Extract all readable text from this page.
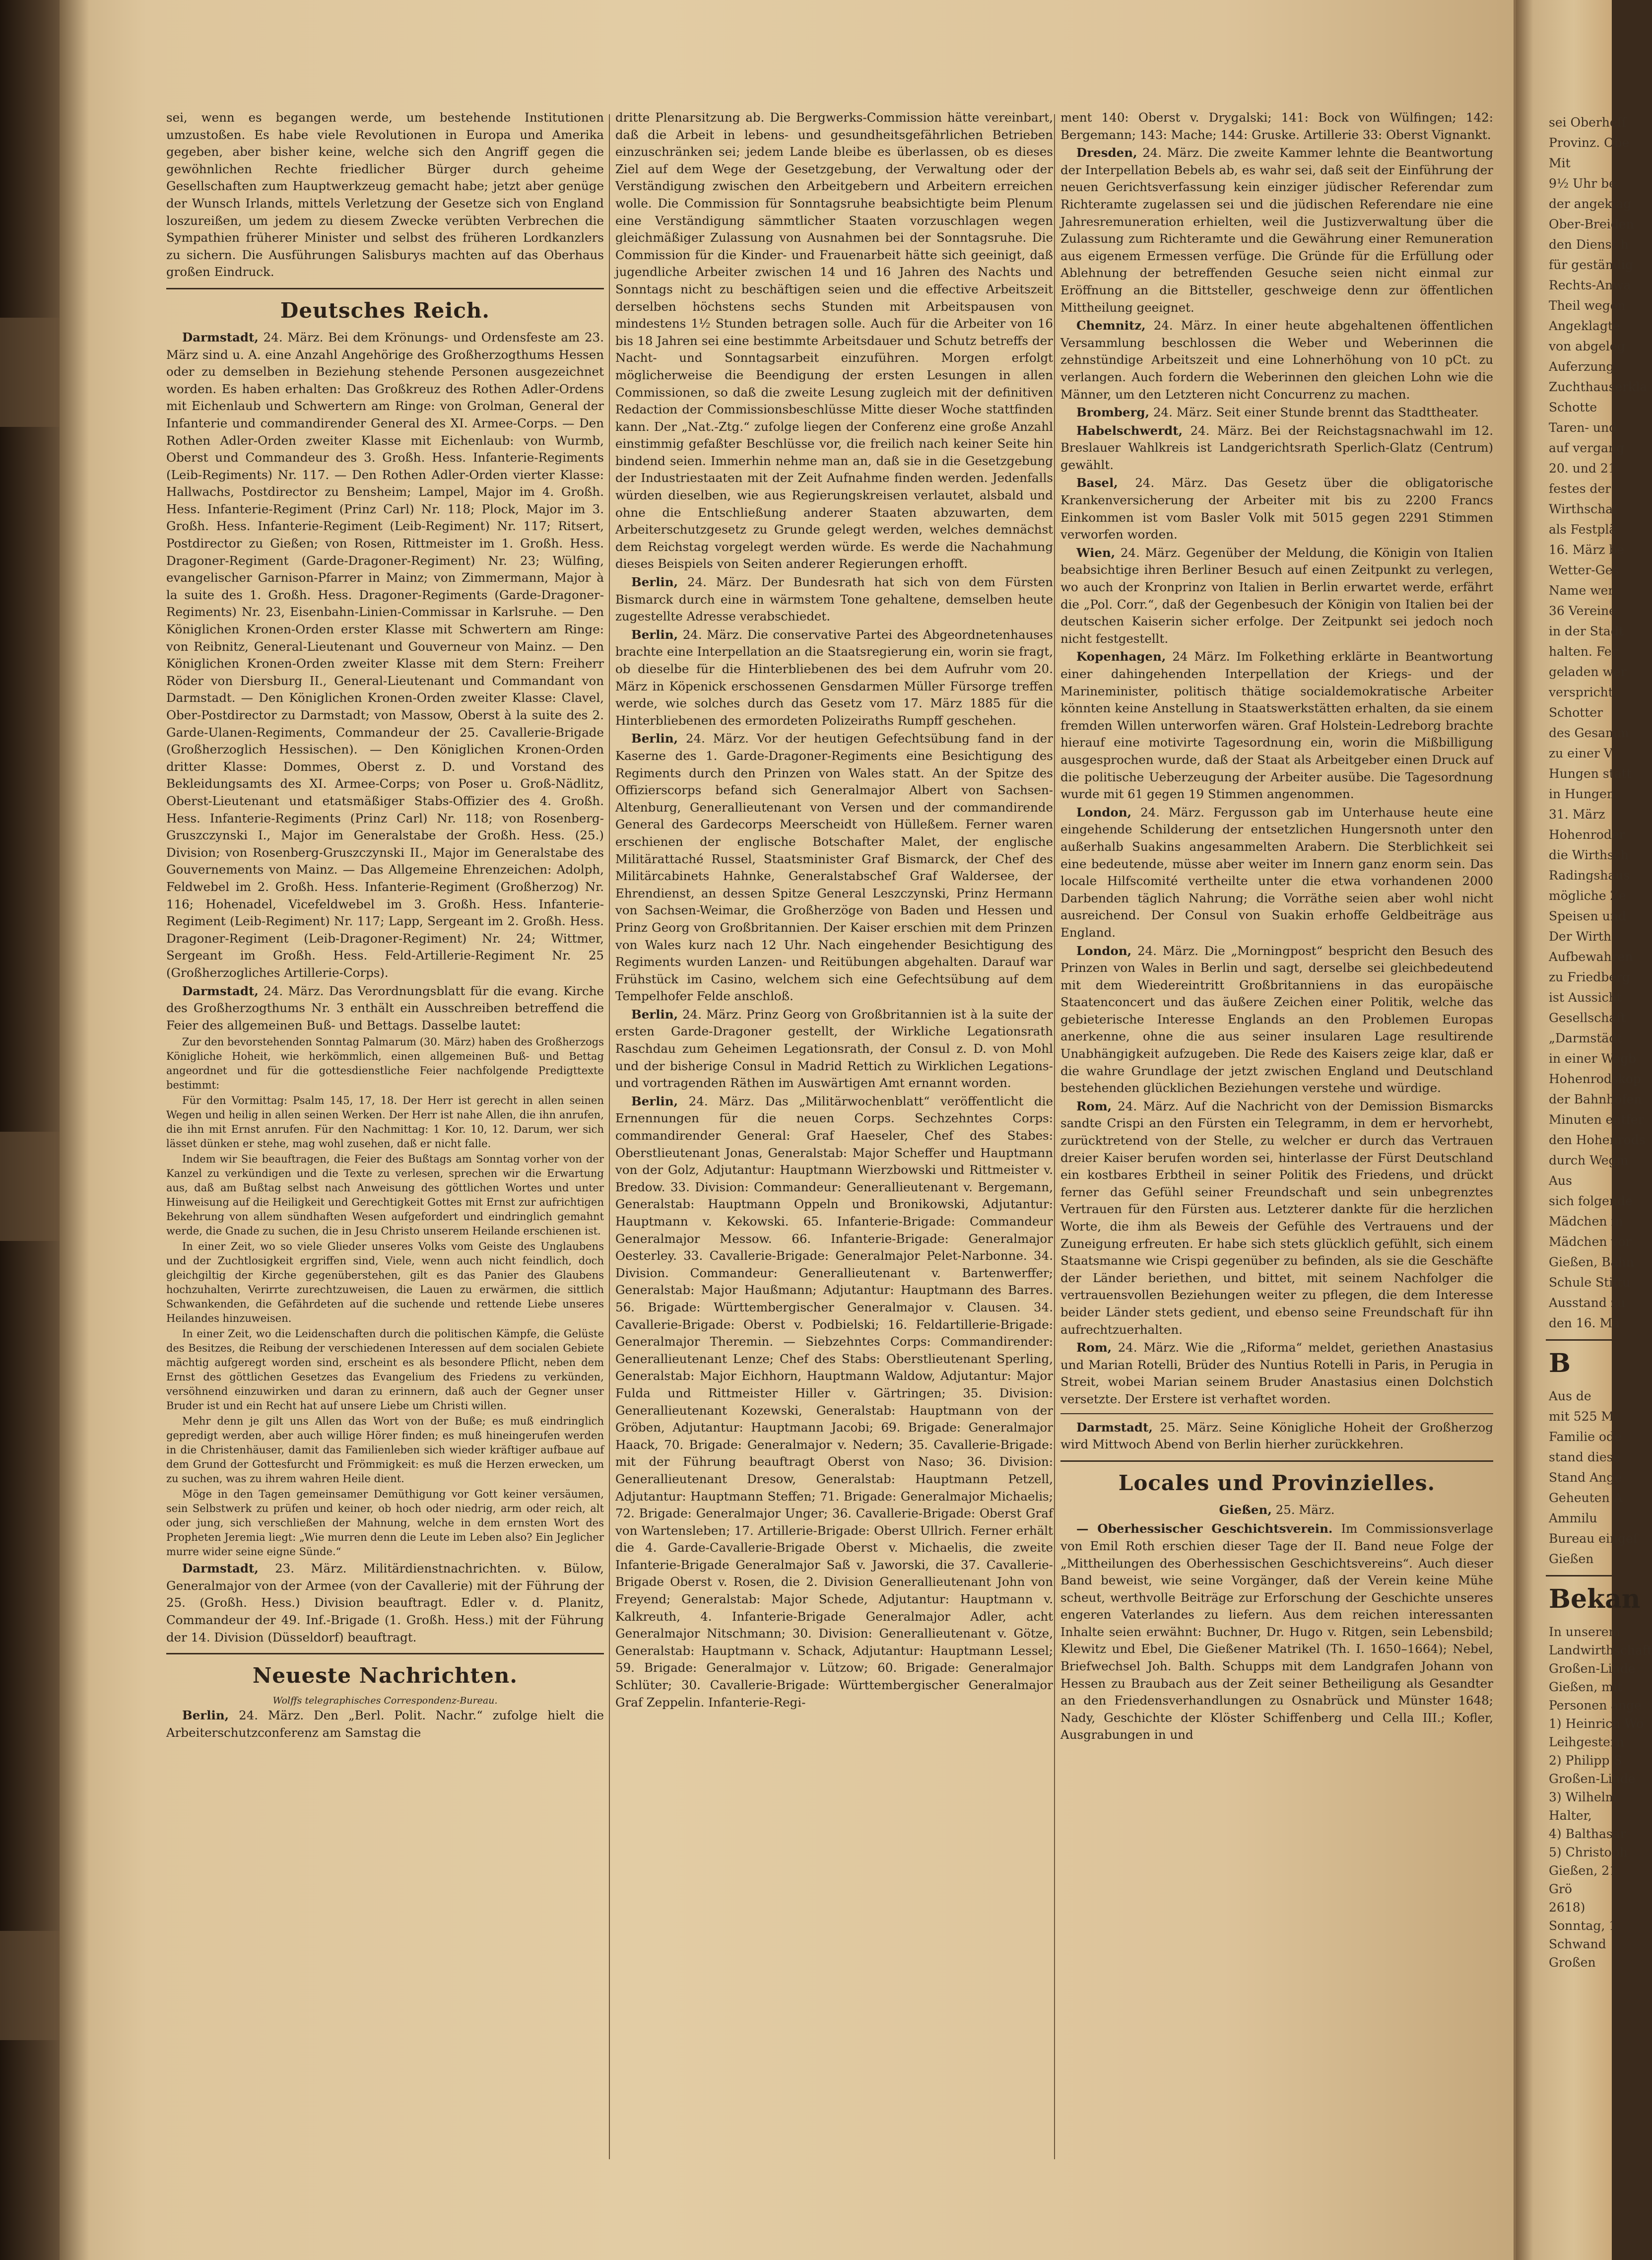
sei, wenn es begangen werde, um bestehende Institutionen umzustoßen. Es habe viele Revolutionen in Europa und Amerika gegeben, aber bisher keine, welche sich den Angriff gegen die gewöhnlichen Rechte friedlicher Bürger durch geheime Gesellschaften zum Hauptwerkzeug gemacht habe; jetzt aber genüge der Wunsch Irlands, mittels Verletzung der Gesetze sich von England loszureißen, um jedem zu diesem Zwecke verübten Verbrechen die Sympathien früherer Minister und selbst des früheren Lordkanzlers zu sichern. Die Ausführungen Salisburys machten auf das Oberhaus großen Eindruck.

Deutsches Reich.

Darmstadt, 24. März. Bei dem Krönungs- und Ordensfeste am 23. März sind u. A. eine Anzahl Angehörige des Großherzogthums Hessen oder zu demselben in Beziehung stehende Personen ausgezeichnet worden. Es haben erhalten: Das Großkreuz des Rothen Adler-Ordens mit Eichenlaub und Schwertern am Ringe: von Grolman, General der Infanterie und commandirender General des XI. Armee-Corps. — Den Rothen Adler-Orden zweiter Klasse mit Eichenlaub: von Wurmb, Oberst und Commandeur des 3. Großh. Hess. Infanterie-Regiments (Leib-Regiments) Nr. 117. — Den Rothen Adler-Orden vierter Klasse: Hallwachs, Postdirector zu Bensheim; Lampel, Major im 4. Großh. Hess. Infanterie-Regiment (Prinz Carl) Nr. 118; Plock, Major im 3. Großh. Hess. Infanterie-Regiment (Leib-Regiment) Nr. 117; Ritsert, Postdirector zu Gießen; von Rosen, Rittmeister im 1. Großh. Hess. Dragoner-Regiment (Garde-Dragoner-Regiment) Nr. 23; Wülfing, evangelischer Garnison-Pfarrer in Mainz; von Zimmermann, Major à la suite des 1. Großh. Hess. Dragoner-Regiments (Garde-Dragoner-Regiments) Nr. 23, Eisenbahn-Linien-Commissar in Karlsruhe. — Den Königlichen Kronen-Orden erster Klasse mit Schwertern am Ringe: von Reibnitz, General-Lieutenant und Gouverneur von Mainz. — Den Königlichen Kronen-Orden zweiter Klasse mit dem Stern: Freiherr Röder von Diersburg II., General-Lieutenant und Commandant von Darmstadt. — Den Königlichen Kronen-Orden zweiter Klasse: Clavel, Ober-Postdirector zu Darmstadt; von Massow, Oberst à la suite des 2. Garde-Ulanen-Regiments, Commandeur der 25. Cavallerie-Brigade (Großherzoglich Hessischen). — Den Königlichen Kronen-Orden dritter Klasse: Dommes, Oberst z. D. und Vorstand des Bekleidungsamts des XI. Armee-Corps; von Poser u. Groß-Nädlitz, Oberst-Lieutenant und etatsmäßiger Stabs-Offizier des 4. Großh. Hess. Infanterie-Regiments (Prinz Carl) Nr. 118; von Rosenberg-Gruszczynski I., Major im Generalstabe der Großh. Hess. (25.) Division; von Rosenberg-Gruszczynski II., Major im Generalstabe des Gouvernements von Mainz. — Das Allgemeine Ehrenzeichen: Adolph, Feldwebel im 2. Großh. Hess. Infanterie-Regiment (Großherzog) Nr. 116; Hohenadel, Vicefeldwebel im 3. Großh. Hess. Infanterie-Regiment (Leib-Regiment) Nr. 117; Lapp, Sergeant im 2. Großh. Hess. Dragoner-Regiment (Leib-Dragoner-Regiment) Nr. 24; Wittmer, Sergeant im Großh. Hess. Feld-Artillerie-Regiment Nr. 25 (Großherzogliches Artillerie-Corps).

Darmstadt, 24. März. Das Verordnungsblatt für die evang. Kirche des Großherzogthums Nr. 3 enthält ein Ausschreiben betreffend die Feier des allgemeinen Buß- und Bettags. Dasselbe lautet:

Zur den bevorstehenden Sonntag Palmarum (30. März) haben des Großherzogs Königliche Hoheit, wie herkömmlich, einen allgemeinen Buß- und Bettag angeordnet und für die gottesdienstliche Feier nachfolgende Predigttexte bestimmt:

Für den Vormittag: Psalm 145, 17, 18. Der Herr ist gerecht in allen seinen Wegen und heilig in allen seinen Werken. Der Herr ist nahe Allen, die ihn anrufen, die ihn mit Ernst anrufen. Für den Nachmittag: 1 Kor. 10, 12. Darum, wer sich lässet dünken er stehe, mag wohl zusehen, daß er nicht falle.

Indem wir Sie beauftragen, die Feier des Bußtags am Sonntag vorher von der Kanzel zu verkündigen und die Texte zu verlesen, sprechen wir die Erwartung aus, daß am Bußtag selbst nach Anweisung des göttlichen Wortes und unter Hinweisung auf die Heiligkeit und Gerechtigkeit Gottes mit Ernst zur aufrichtigen Bekehrung von allem sündhaften Wesen aufgefordert und eindringlich gemahnt werde, die Gnade zu suchen, die in Jesu Christo unserem Heilande erschienen ist.

In einer Zeit, wo so viele Glieder unseres Volks vom Geiste des Unglaubens und der Zuchtlosigkeit ergriffen sind, Viele, wenn auch nicht feindlich, doch gleichgiltig der Kirche gegenüberstehen, gilt es das Panier des Glaubens hochzuhalten, Verirrte zurechtzuweisen, die Lauen zu erwärmen, die sittlich Schwankenden, die Gefährdeten auf die suchende und rettende Liebe unseres Heilandes hinzuweisen.

In einer Zeit, wo die Leidenschaften durch die politischen Kämpfe, die Gelüste des Besitzes, die Reibung der verschiedenen Interessen auf dem socialen Gebiete mächtig aufgeregt worden sind, erscheint es als besondere Pflicht, neben dem Ernst des göttlichen Gesetzes das Evangelium des Friedens zu verkünden, versöhnend einzuwirken und daran zu erinnern, daß auch der Gegner unser Bruder ist und ein Recht hat auf unsere Liebe um Christi willen.

Mehr denn je gilt uns Allen das Wort von der Buße; es muß eindringlich gepredigt werden, aber auch willige Hörer finden; es muß hineingerufen werden in die Christenhäuser, damit das Familienleben sich wieder kräftiger aufbaue auf dem Grund der Gottesfurcht und Frömmigkeit: es muß die Herzen erwecken, um zu suchen, was zu ihrem wahren Heile dient.

Möge in den Tagen gemeinsamer Demüthigung vor Gott keiner versäumen, sein Selbstwerk zu prüfen und keiner, ob hoch oder niedrig, arm oder reich, alt oder jung, sich verschließen der Mahnung, welche in dem ernsten Wort des Propheten Jeremia liegt: „Wie murren denn die Leute im Leben also? Ein Jeglicher murre wider seine eigne Sünde.“

Darmstadt, 23. März. Militärdienstnachrichten. v. Bülow, Generalmajor von der Armee (von der Cavallerie) mit der Führung der 25. (Großh. Hess.) Division beauftragt. Edler v. d. Planitz, Commandeur der 49. Inf.-Brigade (1. Großh. Hess.) mit der Führung der 14. Division (Düsseldorf) beauftragt.

Neueste Nachrichten.
Wolffs telegraphisches Correspondenz-Bureau.

Berlin, 24. März. Den „Berl. Polit. Nachr.“ zufolge hielt die Arbeiterschutzconferenz am Samstag die

dritte Plenarsitzung ab. Die Bergwerks-Commission hätte vereinbart, daß die Arbeit in lebens- und gesundheitsgefährlichen Betrieben einzuschränken sei; jedem Lande bleibe es überlassen, ob es dieses Ziel auf dem Wege der Gesetzgebung, der Verwaltung oder der Verständigung zwischen den Arbeitgebern und Arbeitern erreichen wolle. Die Commission für Sonntagsruhe beabsichtigte beim Plenum eine Verständigung sämmtlicher Staaten vorzuschlagen wegen gleichmäßiger Zulassung von Ausnahmen bei der Sonntagsruhe. Die Commission für die Kinder- und Frauenarbeit hätte sich geeinigt, daß jugendliche Arbeiter zwischen 14 und 16 Jahren des Nachts und Sonntags nicht zu beschäftigen seien und die effective Arbeitszeit derselben höchstens sechs Stunden mit Arbeitspausen von mindestens 1½ Stunden betragen solle. Auch für die Arbeiter von 16 bis 18 Jahren sei eine bestimmte Arbeitsdauer und Schutz betreffs der Nacht- und Sonntagsarbeit einzuführen. Morgen erfolgt möglicherweise die Beendigung der ersten Lesungen in allen Commissionen, so daß die zweite Lesung zugleich mit der definitiven Redaction der Commissionsbeschlüsse Mitte dieser Woche stattfinden kann. Der „Nat.-Ztg.“ zufolge liegen der Conferenz eine große Anzahl einstimmig gefaßter Beschlüsse vor, die freilich nach keiner Seite hin bindend seien. Immerhin nehme man an, daß sie in die Gesetzgebung der Industriestaaten mit der Zeit Aufnahme finden werden. Jedenfalls würden dieselben, wie aus Regierungskreisen verlautet, alsbald und ohne die Entschließung anderer Staaten abzuwarten, dem Arbeiterschutzgesetz zu Grunde gelegt werden, welches demnächst dem Reichstag vorgelegt werden würde. Es werde die Nachahmung dieses Beispiels von Seiten anderer Regierungen erhofft.

Berlin, 24. März. Der Bundesrath hat sich von dem Fürsten Bismarck durch eine in wärmstem Tone gehaltene, demselben heute zugestellte Adresse verabschiedet.

Berlin, 24. März. Die conservative Partei des Abgeordnetenhauses brachte eine Interpellation an die Staatsregierung ein, worin sie fragt, ob dieselbe für die Hinterbliebenen des bei dem Aufruhr vom 20. März in Köpenick erschossenen Gensdarmen Müller Fürsorge treffen werde, wie solches durch das Gesetz vom 17. März 1885 für die Hinterbliebenen des ermordeten Polizeiraths Rumpff geschehen.

Berlin, 24. März. Vor der heutigen Gefechtsübung fand in der Kaserne des 1. Garde-Dragoner-Regiments eine Besichtigung des Regiments durch den Prinzen von Wales statt. An der Spitze des Offizierscorps befand sich Generalmajor Albert von Sachsen-Altenburg, Generallieutenant von Versen und der commandirende General des Gardecorps Meerscheidt von Hülleßem. Ferner waren erschienen der englische Botschafter Malet, der englische Militärattaché Russel, Staatsminister Graf Bismarck, der Chef des Militärcabinets Hahnke, Generalstabschef Graf Waldersee, der Ehrendienst, an dessen Spitze General Leszczynski, Prinz Hermann von Sachsen-Weimar, die Großherzöge von Baden und Hessen und Prinz Georg von Großbritannien. Der Kaiser erschien mit dem Prinzen von Wales kurz nach 12 Uhr. Nach eingehender Besichtigung des Regiments wurden Lanzen- und Reitübungen abgehalten. Darauf war Frühstück im Casino, welchem sich eine Gefechtsübung auf dem Tempelhofer Felde anschloß.

Berlin, 24. März. Prinz Georg von Großbritannien ist à la suite der ersten Garde-Dragoner gestellt, der Wirkliche Legationsrath Raschdau zum Geheimen Legationsrath, der Consul z. D. von Mohl und der bisherige Consul in Madrid Rettich zu Wirklichen Legations- und vortragenden Räthen im Auswärtigen Amt ernannt worden.

Berlin, 24. März. Das „Militärwochenblatt“ veröffentlicht die Ernennungen für die neuen Corps. Sechzehntes Corps: commandirender General: Graf Haeseler, Chef des Stabes: Oberstlieutenant Jonas, Generalstab: Major Scheffer und Hauptmann von der Golz, Adjutantur: Hauptmann Wierzbowski und Rittmeister v. Bredow. 33. Division: Commandeur: Generallieutenant v. Bergemann, Generalstab: Hauptmann Oppeln und Bronikowski, Adjutantur: Hauptmann v. Kekowski. 65. Infanterie-Brigade: Commandeur Generalmajor Messow. 66. Infanterie-Brigade: Generalmajor Oesterley. 33. Cavallerie-Brigade: Generalmajor Pelet-Narbonne. 34. Division. Commandeur: Generallieutenant v. Bartenwerffer; Generalstab: Major Haußmann; Adjutantur: Hauptmann des Barres. 56. Brigade: Württembergischer Generalmajor v. Clausen. 34. Cavallerie-Brigade: Oberst v. Podbielski; 16. Feldartillerie-Brigade: Generalmajor Theremin. — Siebzehntes Corps: Commandirender: Generallieutenant Lenze; Chef des Stabs: Oberstlieutenant Sperling, Generalstab: Major Eichhorn, Hauptmann Waldow, Adjutantur: Major Fulda und Rittmeister Hiller v. Gärtringen; 35. Division: Generallieutenant Kozewski, Generalstab: Hauptmann von der Gröben, Adjutantur: Hauptmann Jacobi; 69. Brigade: Generalmajor Haack, 70. Brigade: Generalmajor v. Nedern; 35. Cavallerie-Brigade: mit der Führung beauftragt Oberst von Naso; 36. Division: Generallieutenant Dresow, Generalstab: Hauptmann Petzell, Adjutantur: Hauptmann Steffen; 71. Brigade: Generalmajor Michaelis; 72. Brigade: Generalmajor Unger; 36. Cavallerie-Brigade: Oberst Graf von Wartensleben; 17. Artillerie-Brigade: Oberst Ullrich. Ferner erhält die 4. Garde-Cavallerie-Brigade Oberst v. Michaelis, die zweite Infanterie-Brigade Generalmajor Saß v. Jaworski, die 37. Cavallerie-Brigade Oberst v. Rosen, die 2. Division Generallieutenant John von Freyend; Generalstab: Major Schede, Adjutantur: Hauptmann v. Kalkreuth, 4. Infanterie-Brigade Generalmajor Adler, acht Generalmajor Nitschmann; 30. Division: Generallieutenant v. Götze, Generalstab: Hauptmann v. Schack, Adjutantur: Hauptmann Lessel; 59. Brigade: Generalmajor v. Lützow; 60. Brigade: Generalmajor Schlüter; 30. Cavallerie-Brigade: Württembergischer Generalmajor Graf Zeppelin. Infanterie-Regi-

ment 140: Oberst v. Drygalski; 141: Bock von Wülfingen; 142: Bergemann; 143: Mache; 144: Gruske. Artillerie 33: Oberst Vignankt.

Dresden, 24. März. Die zweite Kammer lehnte die Beantwortung der Interpellation Bebels ab, es wahr sei, daß seit der Einführung der neuen Gerichtsverfassung kein einziger jüdischer Referendar zum Richteramte zugelassen sei und die jüdischen Referendare nie eine Jahresremuneration erhielten, weil die Justizverwaltung über die Zulassung zum Richteramte und die Gewährung einer Remuneration aus eigenem Ermessen verfüge. Die Gründe für die Erfüllung oder Ablehnung der betreffenden Gesuche seien nicht einmal zur Eröffnung an die Bittsteller, geschweige denn zur öffentlichen Mittheilung geeignet.

Chemnitz, 24. März. In einer heute abgehaltenen öffentlichen Versammlung beschlossen die Weber und Weberinnen die zehnstündige Arbeitszeit und eine Lohnerhöhung von 10 pCt. zu verlangen. Auch fordern die Weberinnen den gleichen Lohn wie die Männer, um den Letzteren nicht Concurrenz zu machen.

Bromberg, 24. März. Seit einer Stunde brennt das Stadttheater.

Habelschwerdt, 24. März. Bei der Reichstagsnachwahl im 12. Breslauer Wahlkreis ist Landgerichtsrath Sperlich-Glatz (Centrum) gewählt.

Basel, 24. März. Das Gesetz über die obligatorische Krankenversicherung der Arbeiter mit bis zu 2200 Francs Einkommen ist vom Basler Volk mit 5015 gegen 2291 Stimmen verworfen worden.

Wien, 24. März. Gegenüber der Meldung, die Königin von Italien beabsichtige ihren Berliner Besuch auf einen Zeitpunkt zu verlegen, wo auch der Kronprinz von Italien in Berlin erwartet werde, erfährt die „Pol. Corr.“, daß der Gegenbesuch der Königin von Italien bei der deutschen Kaiserin sicher erfolge. Der Zeitpunkt sei jedoch noch nicht festgestellt.

Kopenhagen, 24 März. Im Folkething erklärte in Beantwortung einer dahingehenden Interpellation der Kriegs- und der Marineminister, politisch thätige socialdemokratische Arbeiter könnten keine Anstellung in Staatswerkstätten erhalten, da sie einem fremden Willen unterworfen wären. Graf Holstein-Ledreborg brachte hierauf eine motivirte Tagesordnung ein, worin die Mißbilligung ausgesprochen wurde, daß der Staat als Arbeitgeber einen Druck auf die politische Ueberzeugung der Arbeiter ausübe. Die Tagesordnung wurde mit 61 gegen 19 Stimmen angenommen.

London, 24. März. Fergusson gab im Unterhause heute eine eingehende Schilderung der entsetzlichen Hungersnoth unter den außerhalb Suakins angesammelten Arabern. Die Sterblichkeit sei eine bedeutende, müsse aber weiter im Innern ganz enorm sein. Das locale Hilfscomité vertheilte unter die etwa vorhandenen 2000 Darbenden täglich Nahrung; die Vorräthe seien aber wohl nicht ausreichend. Der Consul von Suakin erhoffe Geldbeiträge aus England.

London, 24. März. Die „Morningpost“ bespricht den Besuch des Prinzen von Wales in Berlin und sagt, derselbe sei gleichbedeutend mit dem Wiedereintritt Großbritanniens in das europäische Staatenconcert und das äußere Zeichen einer Politik, welche das gebieterische Interesse Englands an den Problemen Europas anerkenne, ohne die aus seiner insularen Lage resultirende Unabhängigkeit aufzugeben. Die Rede des Kaisers zeige klar, daß er die wahre Grundlage der jetzt zwischen England und Deutschland bestehenden glücklichen Beziehungen verstehe und würdige.

Rom, 24. März. Auf die Nachricht von der Demission Bismarcks sandte Crispi an den Fürsten ein Telegramm, in dem er hervorhebt, zurücktretend von der Stelle, zu welcher er durch das Vertrauen dreier Kaiser berufen worden sei, hinterlasse der Fürst Deutschland ein kostbares Erbtheil in seiner Politik des Friedens, und drückt ferner das Gefühl seiner Freundschaft und sein unbegrenztes Vertrauen für den Fürsten aus. Letzterer dankte für die herzlichen Worte, die ihm als Beweis der Gefühle des Vertrauens und der Zuneigung erfreuten. Er habe sich stets glücklich gefühlt, sich einem Staatsmanne wie Crispi gegenüber zu befinden, als sie die Geschäfte der Länder beriethen, und bittet, mit seinem Nachfolger die vertrauensvollen Beziehungen weiter zu pflegen, die dem Interesse beider Länder stets gedient, und ebenso seine Freundschaft für ihn aufrechtzuerhalten.

Rom, 24. März. Wie die „Riforma“ meldet, geriethen Anastasius und Marian Rotelli, Brüder des Nuntius Rotelli in Paris, in Perugia in Streit, wobei Marian seinem Bruder Anastasius einen Dolchstich versetzte. Der Erstere ist verhaftet worden.

Darmstadt, 25. März. Seine Königliche Hoheit der Großherzog wird Mittwoch Abend von Berlin hierher zurückkehren.

Locales und Provinzielles.
Gießen, 25. März.

— Oberhessischer Geschichtsverein. Im Commissionsverlage von Emil Roth erschien dieser Tage der II. Band neue Folge der „Mittheilungen des Oberhessischen Geschichtsvereins“. Auch dieser Band beweist, wie seine Vorgänger, daß der Verein keine Mühe scheut, werthvolle Beiträge zur Erforschung der Geschichte unseres engeren Vaterlandes zu liefern. Aus dem reichen interessanten Inhalte seien erwähnt: Buchner, Dr. Hugo v. Ritgen, sein Lebensbild; Klewitz und Ebel, Die Gießener Matrikel (Th. I. 1650–1664); Nebel, Briefwechsel Joh. Balth. Schupps mit dem Landgrafen Johann von Hessen zu Braubach aus der Zeit seiner Betheiligung als Gesandter an den Friedensverhandlungen zu Osnabrück und Münster 1648; Nady, Geschichte der Klöster Schiffenberg und Cella III.; Kofler, Ausgrabungen in und

sei Oberheſſ
Provinz. Obe
Mit
9½ Uhr be
der angeklag
Ober-Breiden
den Dienst h
für geständig
Rechts-Anwa
Theil wegen
Angeklagte
von abgeleg
Auferzung
Zuchthauserkla
Schotte
Taren- und
auf vergang
20. und 21
festes der
Wirthschaf
als Festplä
16. März be
Wetter-Ges
Name wer
36 Vereine
in der Stadt
halten. Fer
geladen wer
verspricht
Schotter
des Gesamm
zu einer V
Hungen statt
in Hungen
31. März
Hohenroder
die Wirthsch
Radingshaus
mögliche Ze
Speisen und
Der Wirth
Aufbewahren
zu Friedberg
ist Aussicht
Gesellschaft
„Darmstädt
in einer Wegb
Hohenrodskop
der Bahnhöfen
Minuten entfer
den Hohenrods
durch Wegm
Aus
sich folgende
Mädchen in
Mädchen vor
Gießen, Bahn
Schule Stiftu
Ausstand zu
den 16. Mä
B
Aus de
mit 525 M
Familie ode
stand diese
Stand Ange
Geheuten A
Ammilu
Bureau eingeſ
Gießen
Bekan
In unserem
Landwirthschaft
Großen-Linde
Gießen, mit
Personen ange
1) Heinrich Wo
Leihgestern
2) Philipp S
Großen-Linde
3) Wilhelm
Halter,
4) Balthasar
5) Christoph
Gießen, 21
Grö
2618)
Sonntag, 1
Schwand
Großen
